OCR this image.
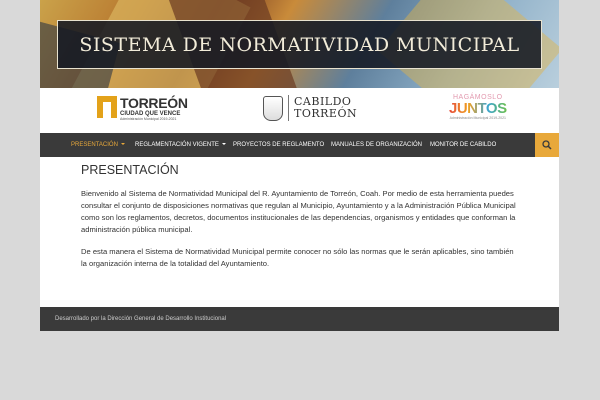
SISTEMA DE NORMATIVIDAD MUNICIPAL
TORREÓN
CIUDAD QUE VENCE
Administración Municipal 2019-2021
CABILDO
TORREÓN
HAGÁMOSLO
JUNTOS
Administración Municipal 2019-2021
PRESENTACIÓN	REGLAMENTACIÓN VIGENTE	PROYECTOS DE REGLAMENTO MANUALES DE ORGANIZACIÓN MONITOR DE CABILDO
PRESENTACIÓN

Bienvenido al Sistema de Normatividad Municipal del R. Ayuntamiento de Torreón, Coah. Por medio de esta herramienta puedes consultar el conjunto de disposiciones normativas que regulan al Municipio, Ayuntamiento y a la Administración Pública Municipal como son los reglamentos, decretos, documentos institucionales de las dependencias, organismos y entidades que conforman la administración pública municipal.

De esta manera el Sistema de Normatividad Municipal permite conocer no sólo las normas que le serán aplicables, sino también la organización interna de la totalidad del Ayuntamiento.

Desarrollado por la Dirección General de Desarrollo Institucional
